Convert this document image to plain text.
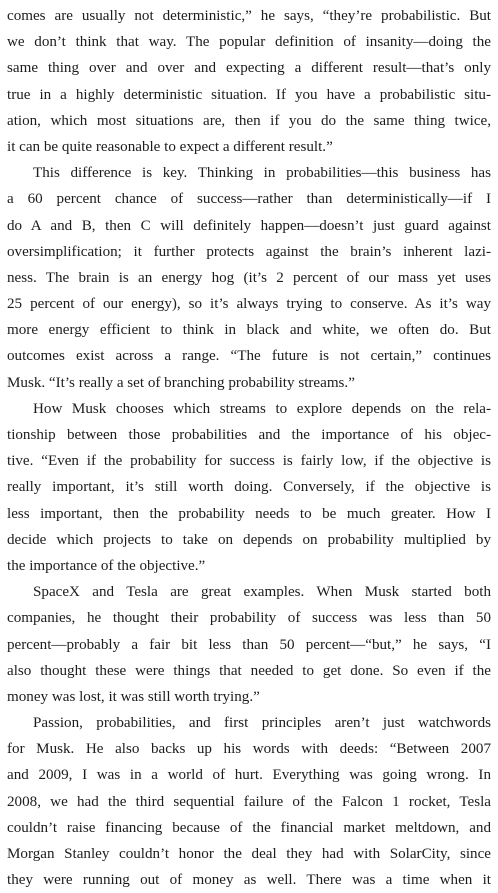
comes are usually not deterministic,” he says, “they’re probabilistic. But
we don’t think that way. The popular definition of insanity—doing the
same thing over and over and expecting a different result—that’s only
true in a highly deterministic situation. If you have a probabilistic situ-
ation, which most situations are, then if you do the same thing twice,
it can be quite reasonable to expect a different result.”
This difference is key. Thinking in probabilities—this business has
a 60 percent chance of success—rather than deterministically—if I
do A and B, then C will definitely happen—doesn’t just guard against
oversimplification; it further protects against the brain’s inherent lazi-
ness. The brain is an energy hog (it’s 2 percent of our mass yet uses
25 percent of our energy), so it’s always trying to conserve. As it’s way
more energy efficient to think in black and white, we often do. But
outcomes exist across a range. “The future is not certain,” continues
Musk. “It’s really a set of branching probability streams.”
How Musk chooses which streams to explore depends on the rela-
tionship between those probabilities and the importance of his objec-
tive. “Even if the probability for success is fairly low, if the objective is
really important, it’s still worth doing. Conversely, if the objective is
less important, then the probability needs to be much greater. How I
decide which projects to take on depends on probability multiplied by
the importance of the objective.”
SpaceX and Tesla are great examples. When Musk started both
companies, he thought their probability of success was less than 50
percent—probably a fair bit less than 50 percent—“but,” he says, “I
also thought these were things that needed to get done. So even if the
money was lost, it was still worth trying.”
Passion, probabilities, and first principles aren’t just watchwords
for Musk. He also backs up his words with deeds: “Between 2007
and 2009, I was in a world of hurt. Everything was going wrong. In
2008, we had the third sequential failure of the Falcon 1 rocket, Tesla
couldn’t raise financing because of the financial market meltdown, and
Morgan Stanley couldn’t honor the deal they had with SolarCity, since
they were running out of money as well. There was a time when it
